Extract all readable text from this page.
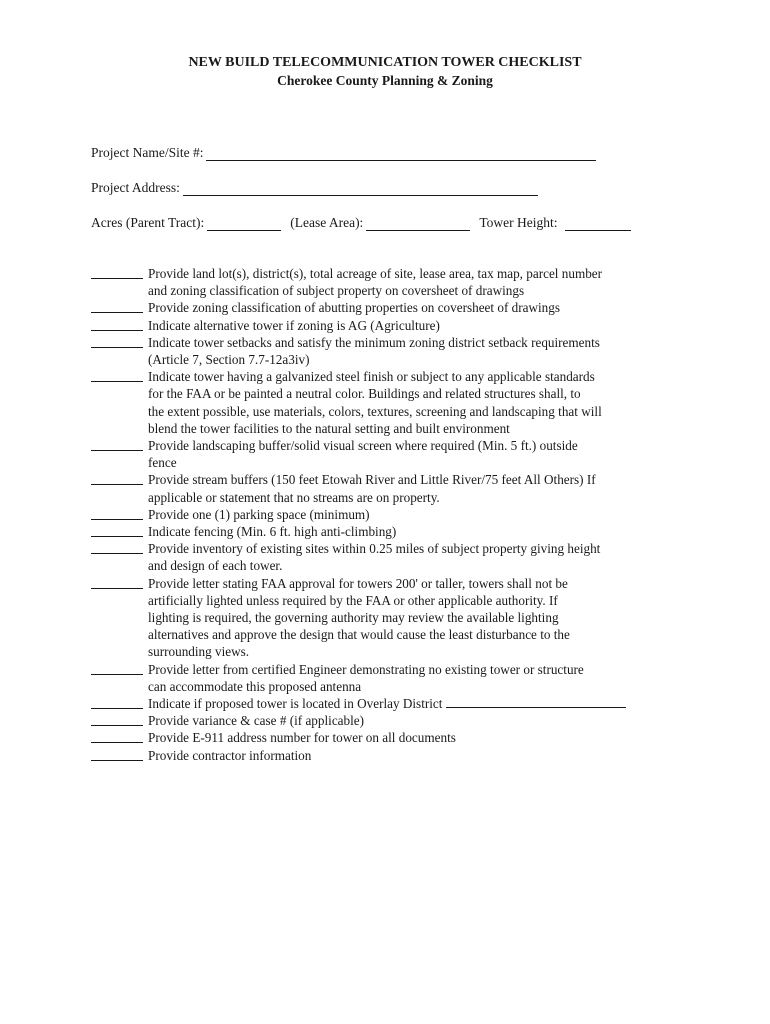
NEW BUILD TELECOMMUNICATION TOWER CHECKLIST
Cherokee County Planning & Zoning
Project Name/Site #:
Project Address:
Acres (Parent Tract):	(Lease Area):	Tower Height:
Provide land lot(s), district(s), total acreage of site, lease area, tax map, parcel number
and zoning classification of subject property on coversheet of drawings
Provide zoning classification of abutting properties on coversheet of drawings
Indicate alternative tower if zoning is AG (Agriculture)
Indicate tower setbacks and satisfy the minimum zoning district setback requirements
(Article 7, Section 7.7-12a3iv)
Indicate tower having a galvanized steel finish or subject to any applicable standards
for the FAA or be painted a neutral color. Buildings and related structures shall, to
the extent possible, use materials, colors, textures, screening and landscaping that will
blend the tower facilities to the natural setting and built environment
Provide landscaping buffer/solid visual screen where required (Min. 5 ft.) outside
fence
Provide stream buffers (150 feet Etowah River and Little River/75 feet All Others) If
applicable or statement that no streams are on property.
Provide one (1) parking space (minimum)
Indicate fencing (Min. 6 ft. high anti-climbing)
Provide inventory of existing sites within 0.25 miles of subject property giving height
and design of each tower.
Provide letter stating FAA approval for towers 200' or taller, towers shall not be
artificially lighted unless required by the FAA or other applicable authority. If
lighting is required, the governing authority may review the available lighting
alternatives and approve the design that would cause the least disturbance to the
surrounding views.
Provide letter from certified Engineer demonstrating no existing tower or structure
can accommodate this proposed antenna
Indicate if proposed tower is located in Overlay District
Provide variance & case # (if applicable)
Provide E-911 address number for tower on all documents
Provide contractor information
